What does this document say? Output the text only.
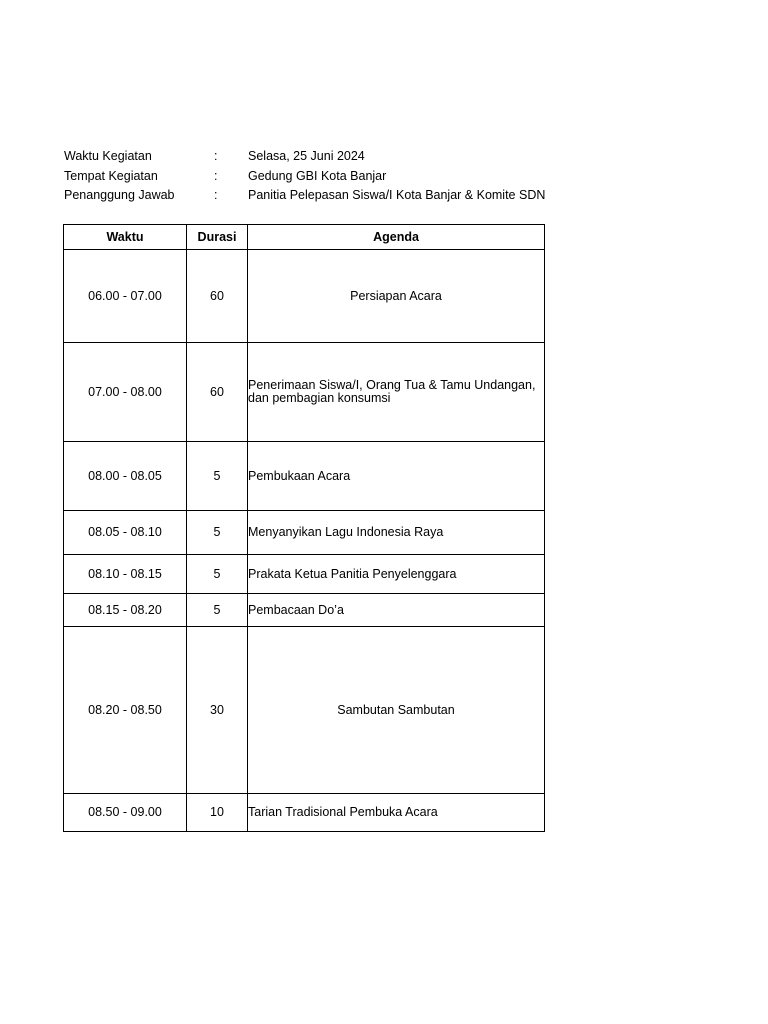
Waktu Kegiatan	: Selasa, 25 Juni 2024
Tempat Kegiatan	: Gedung GBI Kota Banjar
Penanggung Jawab	: Panitia Pelepasan Siswa/I Kota Banjar & Komite SDN
Waktu	Durasi	Agenda
06.00 - 07.00	60	Persiapan Acara
07.00 - 08.00	60	Penerimaan Siswa/I, Orang Tua & Tamu Undangan, dan pembagian konsumsi
08.00 - 08.05	5	Pembukaan Acara
08.05 - 08.10	5	Menyanyikan Lagu Indonesia Raya
08.10 - 08.15	5	Prakata Ketua Panitia Penyelenggara
08.15 - 08.20	5	Pembacaan Do’a
08.20 - 08.50	30	Sambutan Sambutan
08.50 - 09.00	10	Tarian Tradisional Pembuka Acara
